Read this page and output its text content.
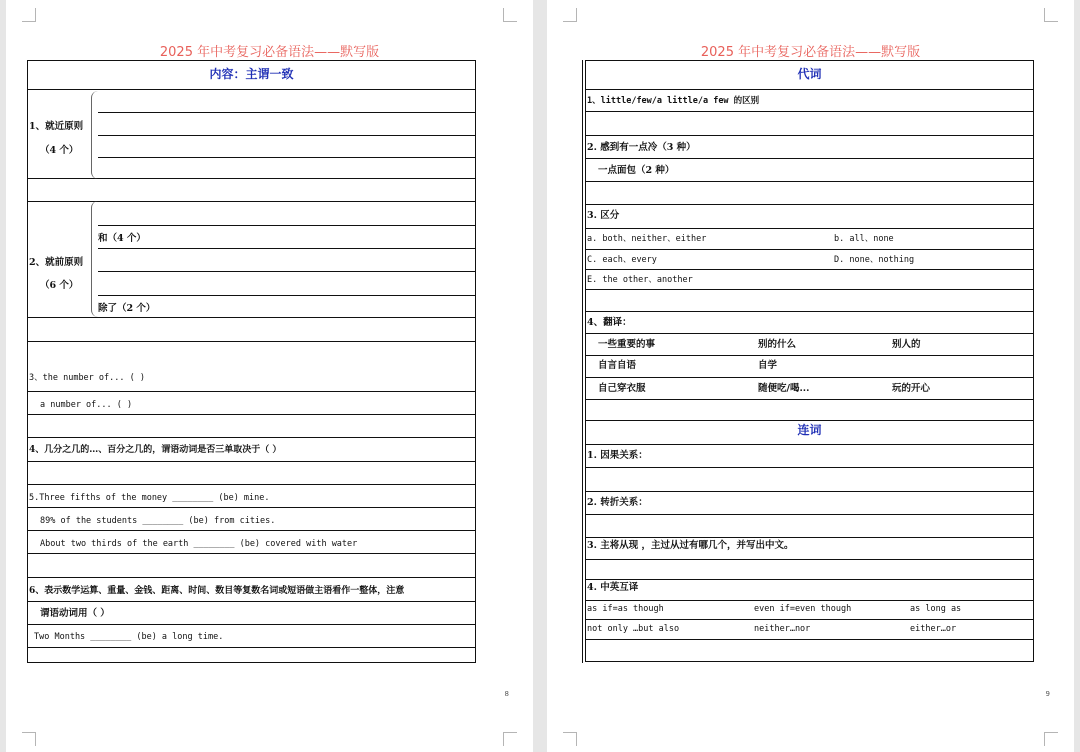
2025 年中考复习必备语法——默写版
内容：主谓一致
1、就近原则
（4 个）
和（4 个）
2、就前原则
（6 个）
除了（2 个）
3、the number of... ( )
a number of... ( )
4、几分之几的…、百分之几的，谓语动词是否三单取决于（ ）
5.Three fifths of the money ________ (be) mine.
89% of the students ________ (be) from cities.
About two thirds of the earth ________ (be) covered with water
6、表示数学运算、重量、金钱、距离、时间、数目等复数名词或短语做主语看作一整体，注意
谓语动词用（ ）
Two Months ________ (be) a long time.
8
2025 年中考复习必备语法——默写版
代词
1、little/few/a little/a few 的区别
2. 感到有一点冷（3 种）
一点面包（2 种）
3. 区分
a. both、neither、either	b. all、none
C. each、every	D. none、nothing
E. the other、another
4、翻译：
一些重要的事	别的什么	别人的
自言自语	自学
自己穿衣服	随便吃/喝...	玩的开心
连词
1. 因果关系：
2. 转折关系：
3. 主将从现 ，主过从过有哪几个，并写出中文。
4. 中英互译
as if=as though	even if=even though	as long as
not only …but also	neither…nor	either…or
9
